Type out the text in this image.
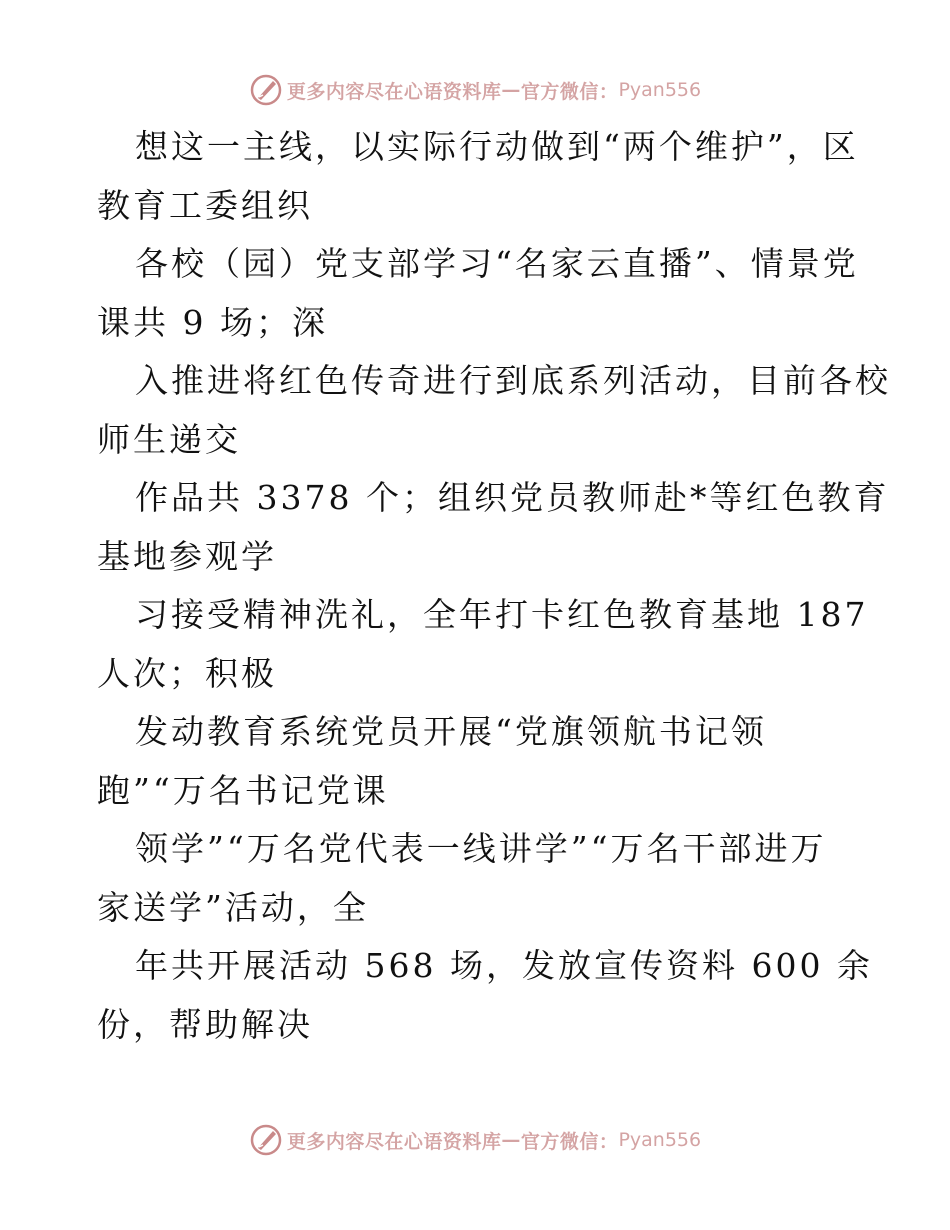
更多内容尽在心语资料库 — 官方微信： Pyan556
想这一主线，以实际行动做到“两个维护”，区
教育工委组织
各校（园）党支部学习“名家云直播”、情景党
课共 9 场；深
入推进将红色传奇进行到底系列活动，目前各校
师生递交
作品共 3378 个；组织党员教师赴*等红色教育
基地参观学
习接受精神洗礼，全年打卡红色教育基地 187
人次；积极
发动教育系统党员开展“党旗领航书记领
跑”“万名书记党课
领学”“万名党代表一线讲学”“万名干部进万
家送学”活动，全
年共开展活动 568 场，发放宣传资料 600 余
份，帮助解决
更多内容尽在心语资料库 — 官方微信： Pyan556
